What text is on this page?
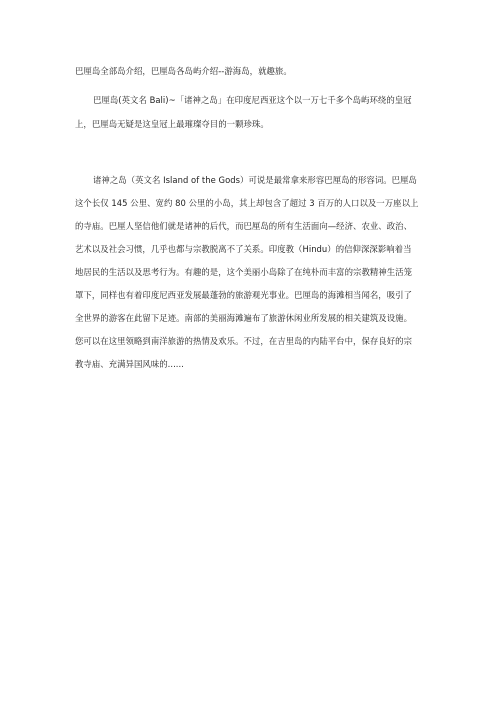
巴厘岛全部岛介绍，巴厘岛各岛屿介绍--游海岛，就趣旅。
巴厘岛(英文名 Bali)~「诸神之岛」在印度尼西亚这个以一万七千多个岛屿环绕的皇冠
上，巴厘岛无疑是这皇冠上最璀璨夺目的一颗珍珠。
诸神之岛（英文名 Island of the Gods）可说是最常拿来形容巴厘岛的形容词。巴厘岛
这个长仅 145 公里、宽约 80 公里的小岛，其上却包含了超过 3 百万的人口以及一万座以上
的寺庙。巴厘人坚信他们就是诸神的后代，而巴厘岛的所有生活面向—经济、农业、政治、
艺术以及社会习惯，几乎也都与宗教脱离不了关系。印度教（Hindu）的信仰深深影响着当
地居民的生活以及思考行为。有趣的是，这个美丽小岛除了在纯朴而丰富的宗教精神生活笼
罩下，同样也有着印度尼西亚发展最蓬勃的旅游观光事业。巴厘岛的海滩相当闻名，吸引了
全世界的游客在此留下足迹。南部的美丽海滩遍布了旅游休闲业所发展的相关建筑及设施。
您可以在这里领略到南洋旅游的热情及欢乐。不过，在吉里岛的内陆平台中，保存良好的宗
教寺庙、充满异国风味的......
